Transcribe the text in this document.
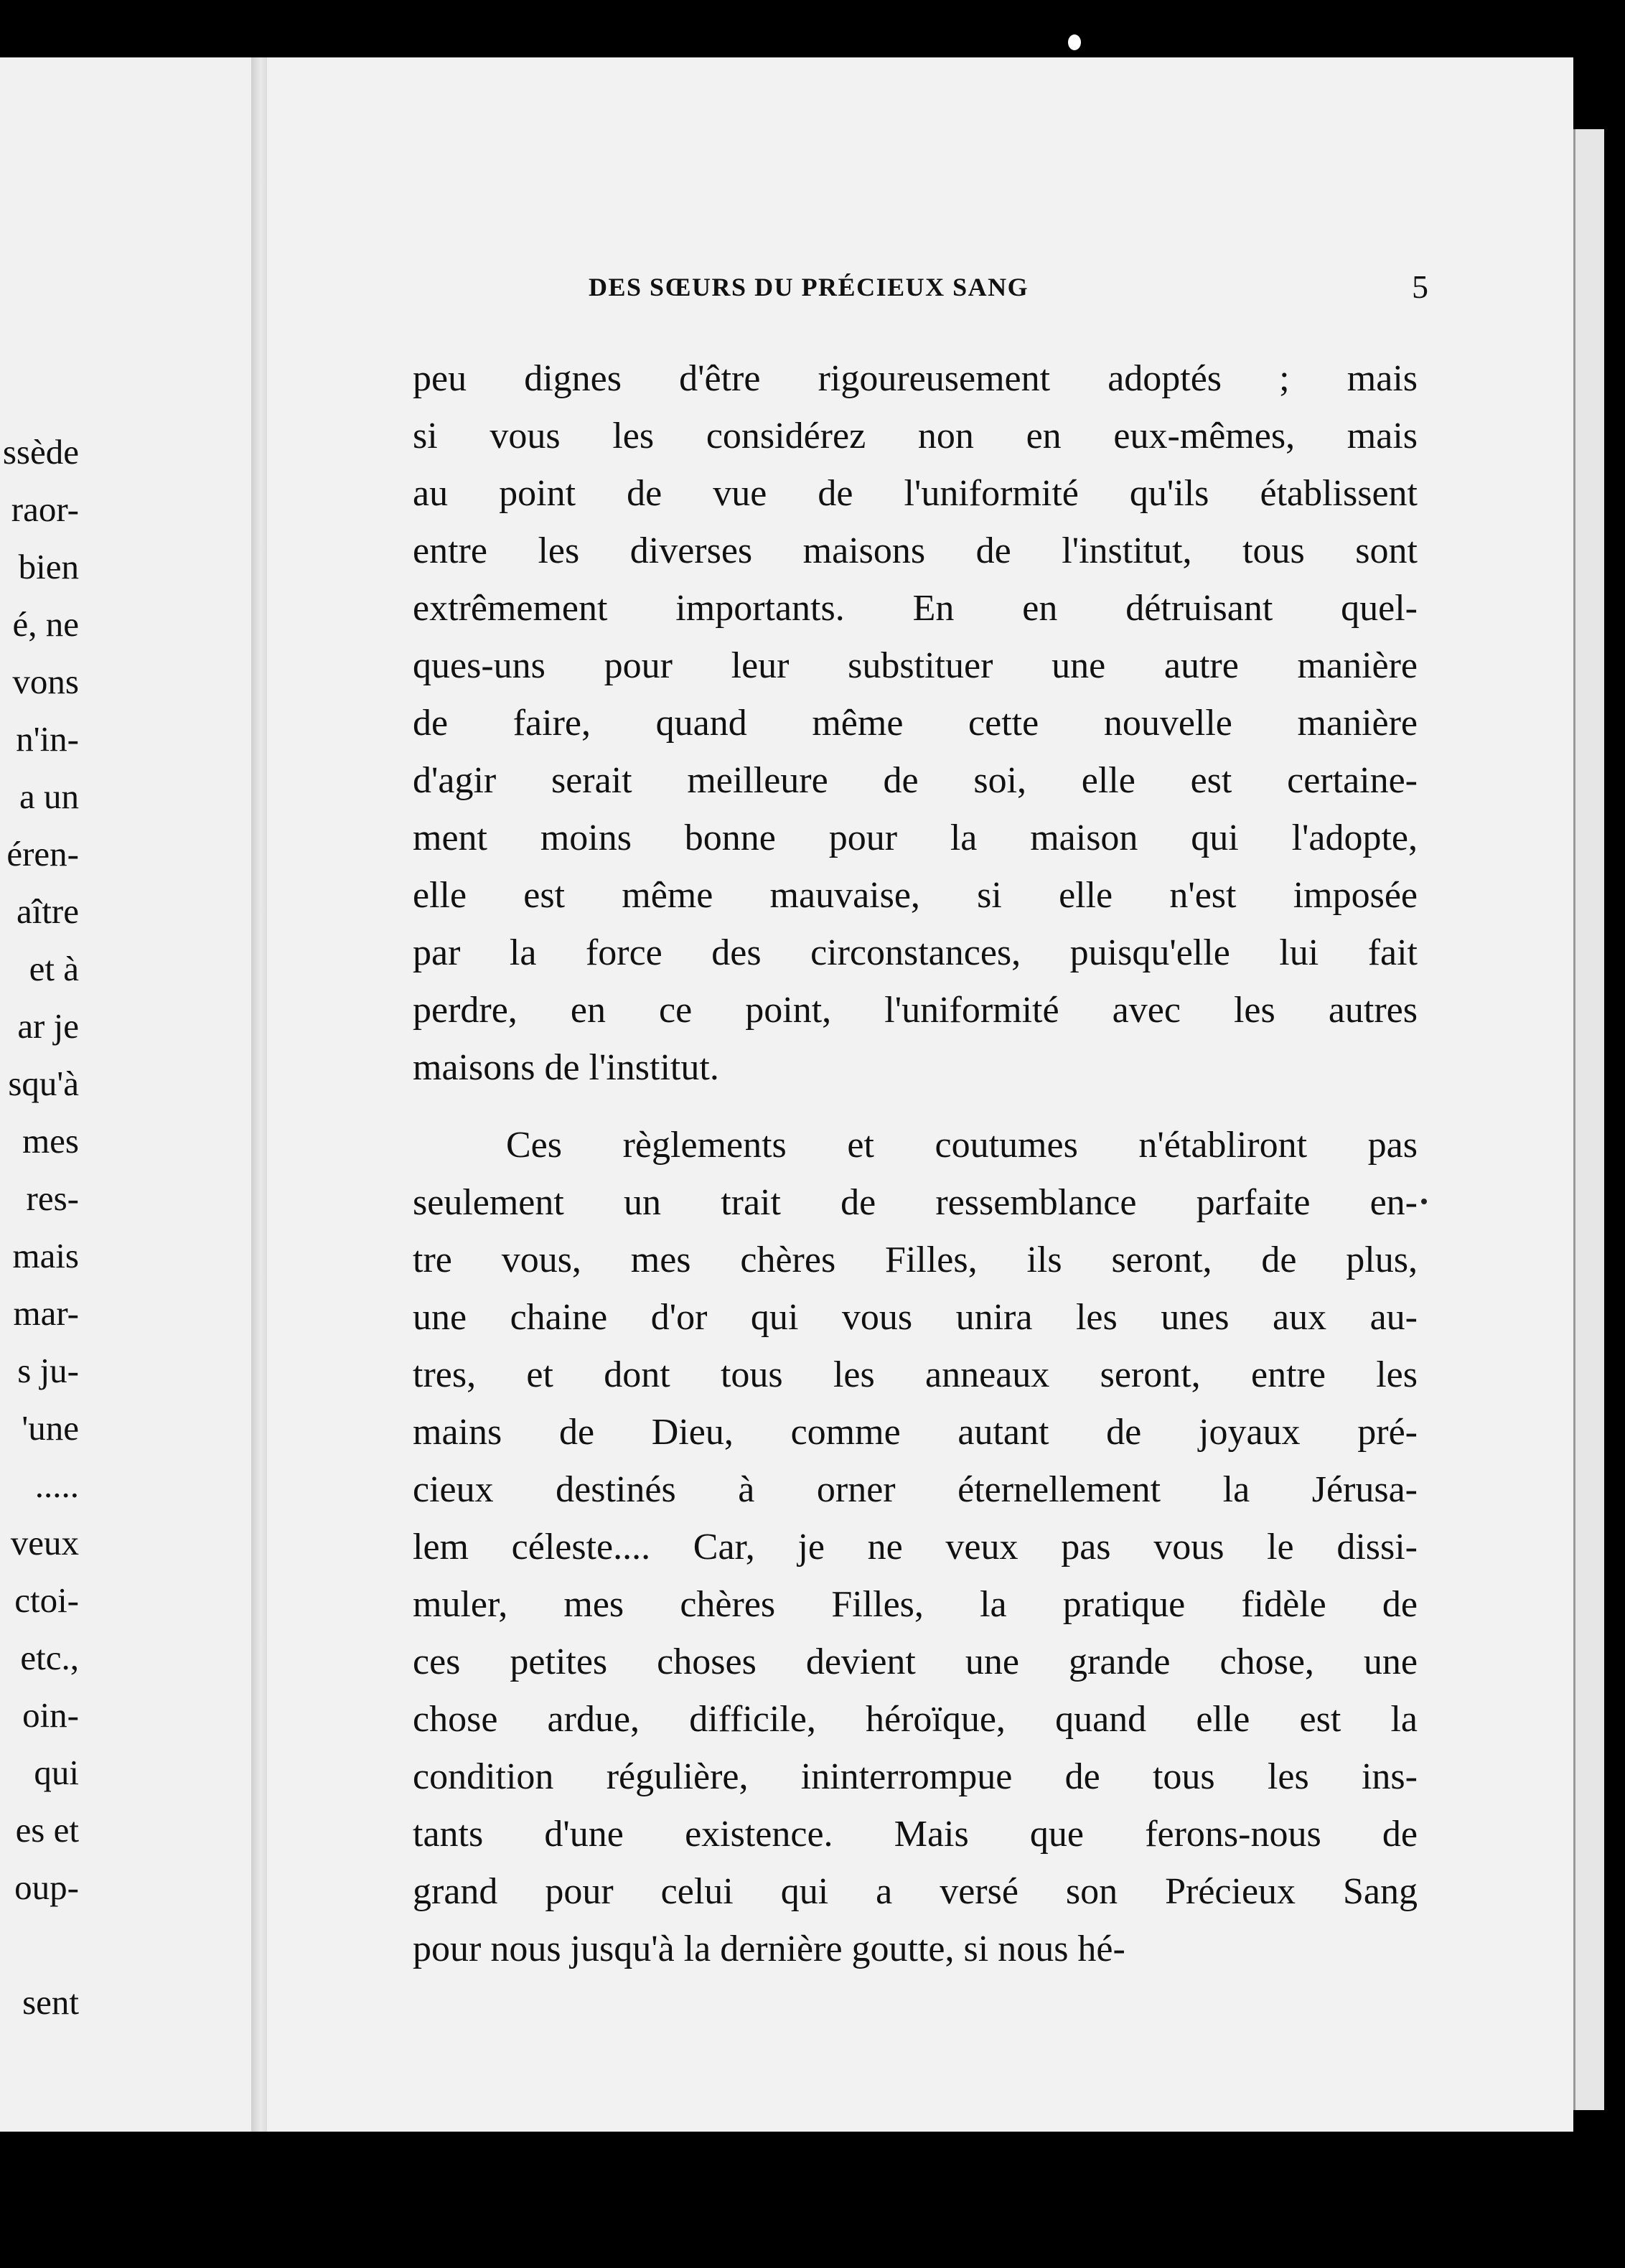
ssède
raor-
bien
é, ne
vons
n'in-
a un
éren-
aître
et à
ar je
squ'à
mes
res-
mais
mar-
s ju-
'une
.....
veux
ctoi-
etc.,
oin-
qui
es et
oup-
sent
DES SŒURS DU PRÉCIEUX SANG	5
peu dignes d'être rigoureusement adoptés ; mais
si vous les considérez non en eux-mêmes, mais
au point de vue de l'uniformité qu'ils établissent
entre les diverses maisons de l'institut, tous sont
extrêmement importants. En en détruisant quel-
ques-uns pour leur substituer une autre manière
de faire, quand même cette nouvelle manière
d'agir serait meilleure de soi, elle est certaine-
ment moins bonne pour la maison qui l'adopte,
elle est même mauvaise, si elle n'est imposée
par la force des circonstances, puisqu'elle lui fait
perdre, en ce point, l'uniformité avec les autres
maisons de l'institut.
Ces règlements et coutumes n'établiront pas
seulement un trait de ressemblance parfaite en-
tre vous, mes chères Filles, ils seront, de plus,
une chaine d'or qui vous unira les unes aux au-
tres, et dont tous les anneaux seront, entre les
mains de Dieu, comme autant de joyaux pré-
cieux destinés à orner éternellement la Jérusa-
lem céleste.... Car, je ne veux pas vous le dissi-
muler, mes chères Filles, la pratique fidèle de
ces petites choses devient une grande chose, une
chose ardue, difficile, héroïque, quand elle est la
condition régulière, ininterrompue de tous les ins-
tants d'une existence. Mais que ferons-nous de
grand pour celui qui a versé son Précieux Sang
pour nous jusqu'à la dernière goutte, si nous hé-
